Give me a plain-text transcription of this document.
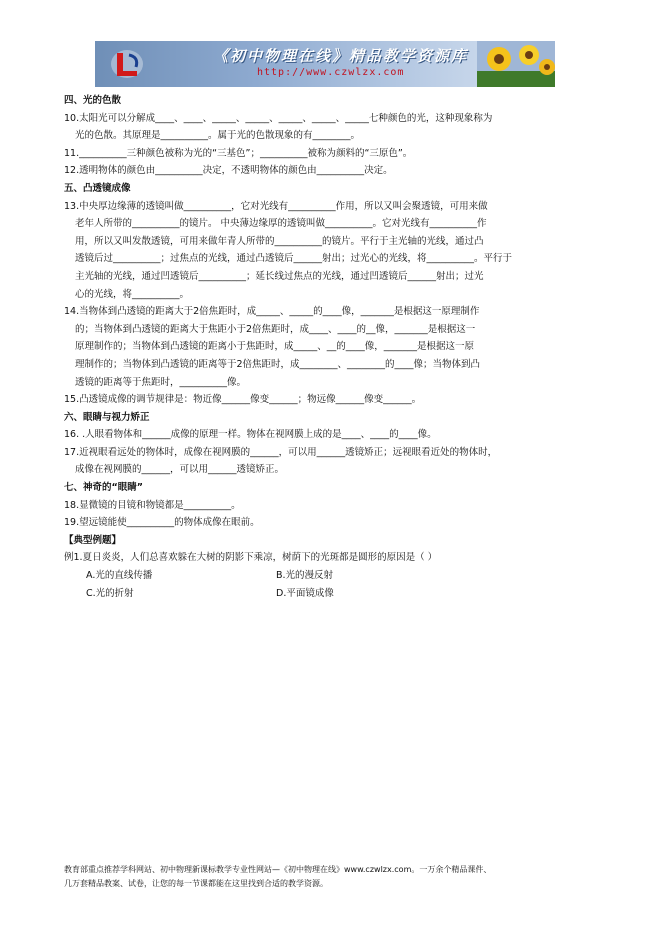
《初中物理在线》精品教学资源库
http://www.czwlzx.com
四、光的色散
10.太阳光可以分解成____、____、_____、_____、_____、_____、_____七种颜色的光，这种现象称为
光的色散。其原理是__________。属于光的色散现象的有________。
11.__________三种颜色被称为光的“三基色”；__________被称为颜料的“三原色”。
12.透明物体的颜色由__________决定，不透明物体的颜色由__________决定。
五、凸透镜成像
13.中央厚边缘薄的透镜叫做__________，它对光线有__________作用，所以又叫会聚透镜，可用来做
老年人所带的__________的镜片。 中央薄边缘厚的透镜叫做__________。它对光线有__________作
用，所以又叫发散透镜，可用来做年青人所带的__________的镜片。平行于主光轴的光线，通过凸
透镜后过__________；过焦点的光线，通过凸透镜后______射出；过光心的光线，将__________。平行于
主光轴的光线，通过凹透镜后__________；延长线过焦点的光线，通过凹透镜后______射出；过光
心的光线，将__________。
14.当物体到凸透镜的距离大于2倍焦距时，成_____、_____的____像，_______是根据这一原理制作
的；当物体到凸透镜的距离大于焦距小于2倍焦距时，成____、____的__像，_______是根据这一
原理制作的；当物体到凸透镜的距离小于焦距时，成_____、__的____像，_______是根据这一原
理制作的；当物体到凸透镜的距离等于2倍焦距时，成________、________的____像；当物体到凸
透镜的距离等于焦距时，__________像。
15.凸透镜成像的调节规律是：物近像______像变______；物远像______像变______。
六、眼睛与视力矫正
16. .人眼看物体和______成像的原理一样。物体在视网膜上成的是____、____的____像。
17.近视眼看远处的物体时，成像在视网膜的______，可以用______透镜矫正；远视眼看近处的物体时，
成像在视网膜的______，可以用______透镜矫正。
七、神奇的“眼睛”
18.显微镜的目镜和物镜都是__________。
19.望远镜能使__________的物体成像在眼前。
【典型例题】
例1.夏日炎炎，人们总喜欢躲在大树的阴影下乘凉，树荫下的光斑都是圆形的原因是（ ）
A.光的直线传播	B.光的漫反射
C.光的折射	D.平面镜成像
教育部重点推荐学科网站、初中物理新课标教学专业性网站—《初中物理在线》www.czwlzx.com。一万余个精品课件、
几万套精品教案、试卷，让您的每一节课都能在这里找到合适的教学资源。
